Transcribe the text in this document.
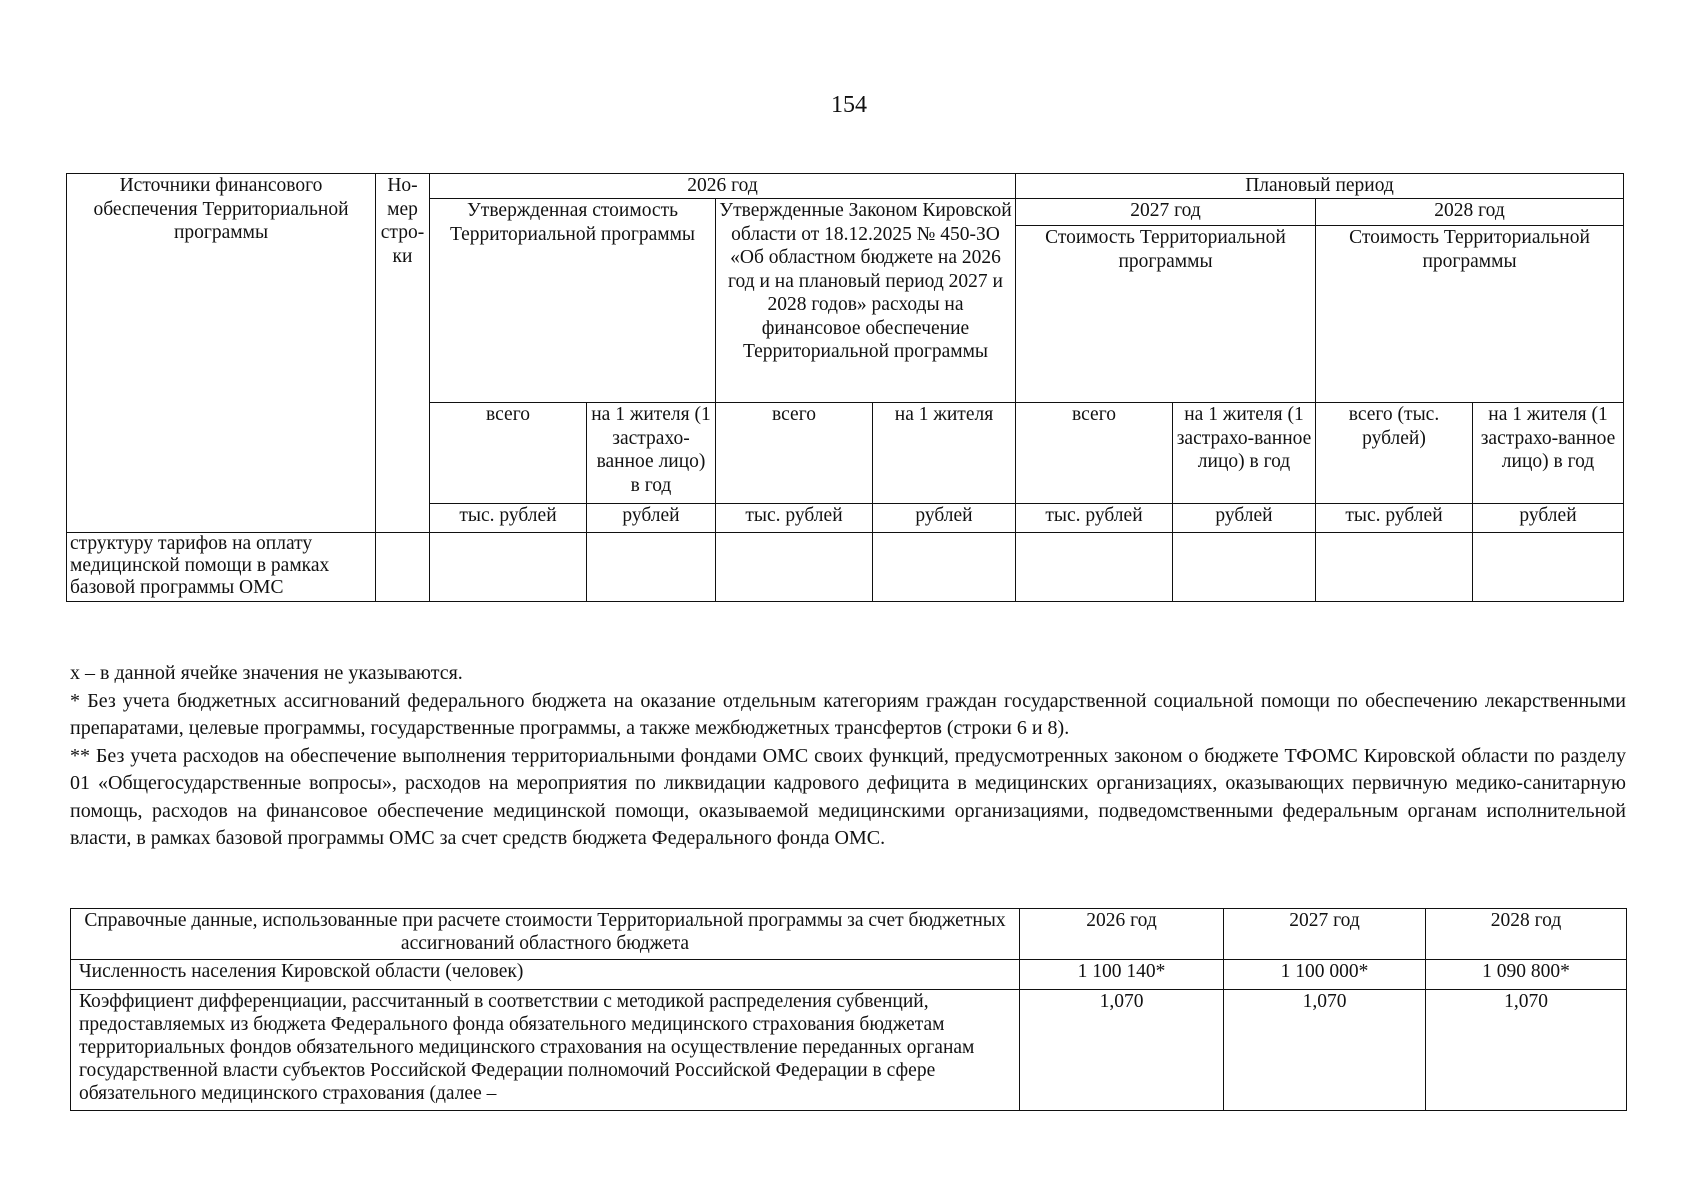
154
Источники финансового обеспечения Территориальной программы	Но-мер стро-ки	2026 год				Плановый период			
		Утвержденная стоимость Территориальной программы		Утвержденные Законом Кировской области от 18.12.2025 № 450-ЗО «Об областном бюджете на 2026 год и на плановый период 2027 и 2028 годов» расходы на финансовое обеспечение Территориальной программы		2027 год		2028 год	
						Стоимость Территориальной программы		Стоимость Территориальной программы	
		всего	на 1 жителя (1 застрахо-ванное лицо) в год	всего	на 1 жителя	всего	на 1 жителя (1 застрахо-ванное лицо) в год	всего (тыс. рублей)	на 1 жителя (1 застрахо-ванное лицо) в год
		тыс. рублей	рублей	тыс. рублей	рублей	тыс. рублей	рублей	тыс. рублей	рублей
структуру тарифов на оплату медицинской помощи в рамках базовой программы ОМС									

х – в данной ячейке значения не указываются.

* Без учета бюджетных ассигнований федерального бюджета на оказание отдельным категориям граждан государственной социальной помощи по обеспечению лекарственными препаратами, целевые программы, государственные программы, а также межбюджетных трансфертов (строки 6 и 8).

** Без учета расходов на обеспечение выполнения территориальными фондами ОМС своих функций, предусмотренных законом о бюджете ТФОМС Кировской области по разделу 01 «Общегосударственные вопросы», расходов на мероприятия по ликвидации кадрового дефицита в медицинских организациях, оказывающих первичную медико-санитарную помощь, расходов на финансовое обеспечение медицинской помощи, оказываемой медицинскими организациями, подведомственными федеральным органам исполнительной власти, в рамках базовой программы ОМС за счет средств бюджета Федерального фонда ОМС.

Справочные данные, использованные при расчете стоимости Территориальной программы за счет бюджетных ассигнований областного бюджета	2026 год	2027 год	2028 год
Численность населения Кировской области (человек)	1 100 140*	1 100 000*	1 090 800*
Коэффициент дифференциации, рассчитанный в соответствии с методикой распределения субвенций, предоставляемых из бюджета Федерального фонда обязательного медицинского страхования бюджетам территориальных фондов обязательного медицинского страхования на осуществление переданных органам государственной власти субъектов Российской Федерации полномочий Российской Федерации в сфере обязательного медицинского страхования (далее –	1,070	1,070	1,070
